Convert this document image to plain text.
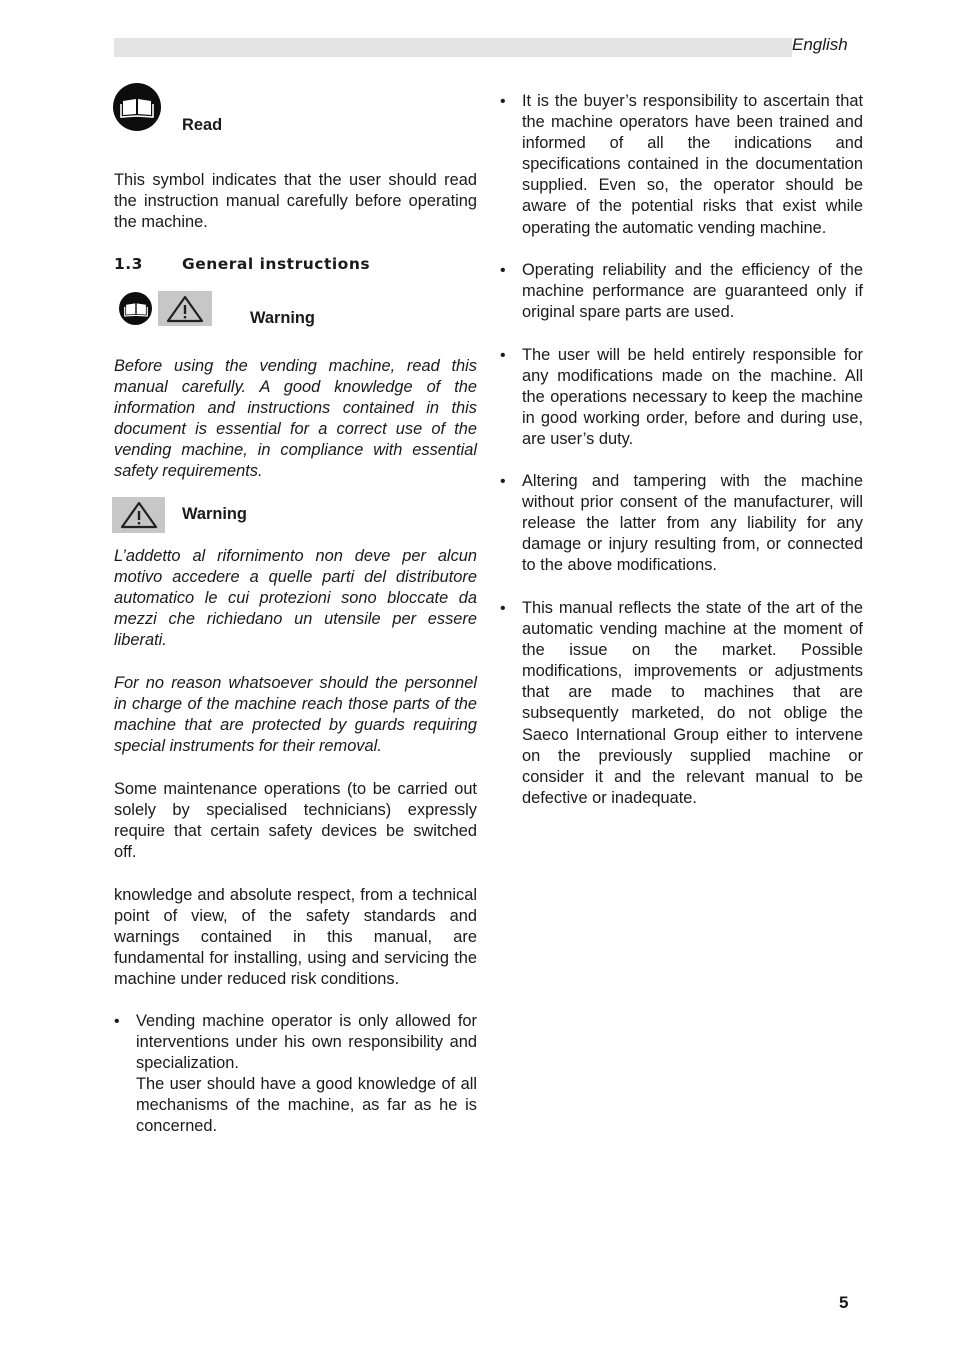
English
Read

This symbol indicates that the user should read the instruction manual carefully before operating the machine.

1.3	General instructions
Warning

Before using the vending machine, read this manual carefully. A good knowledge of the information and instructions contained in this document is essential for a correct use of the vending machine, in compliance with essential safety requirements.

Warning

L’addetto al rifornimento non deve per alcun motivo accedere a quelle parti del distributore automatico le cui protezioni sono bloccate da mezzi che richiedano un utensile per essere liberati.

For no reason whatsoever should the personnel in charge of the machine reach those parts of the machine that are protected by guards requiring special instruments for their removal.

Some maintenance operations (to be carried out solely by specialised technicians) expressly require that certain safety devices be switched off.

knowledge and absolute respect, from a technical point of view, of the safety standards and warnings contained in this manual, are fundamental for installing, using and servicing the machine under reduced risk conditions.

• Vending machine operator is only allowed for interventions under his own responsibility and specialization.

The user should have a good knowledge of all mechanisms of the machine, as far as he is concerned.

• It is the buyer’s responsibility to ascertain that the machine operators have been trained and informed of all the indications and specifications contained in the documentation supplied. Even so, the operator should be aware of the potential risks that exist while operating the automatic vending machine.

• Operating reliability and the efficiency of the machine performance are guaranteed only if original spare parts are used.

• The user will be held entirely responsible for any modifications made on the machine. All the operations necessary to keep the machine in good working order, before and during use, are user’s duty.

• Altering and tampering with the machine without prior consent of the manufacturer, will release the latter from any liability for any damage or injury resulting from, or connected to the above modifications.

• This manual reflects the state of the art of the automatic vending machine at the moment of the issue on the market. Possible modifications, improvements or adjustments that are made to machines that are subsequently marketed, do not oblige the Saeco International Group either to intervene on the previously supplied machine or consider it and the relevant manual to be defective or inadequate.

5
